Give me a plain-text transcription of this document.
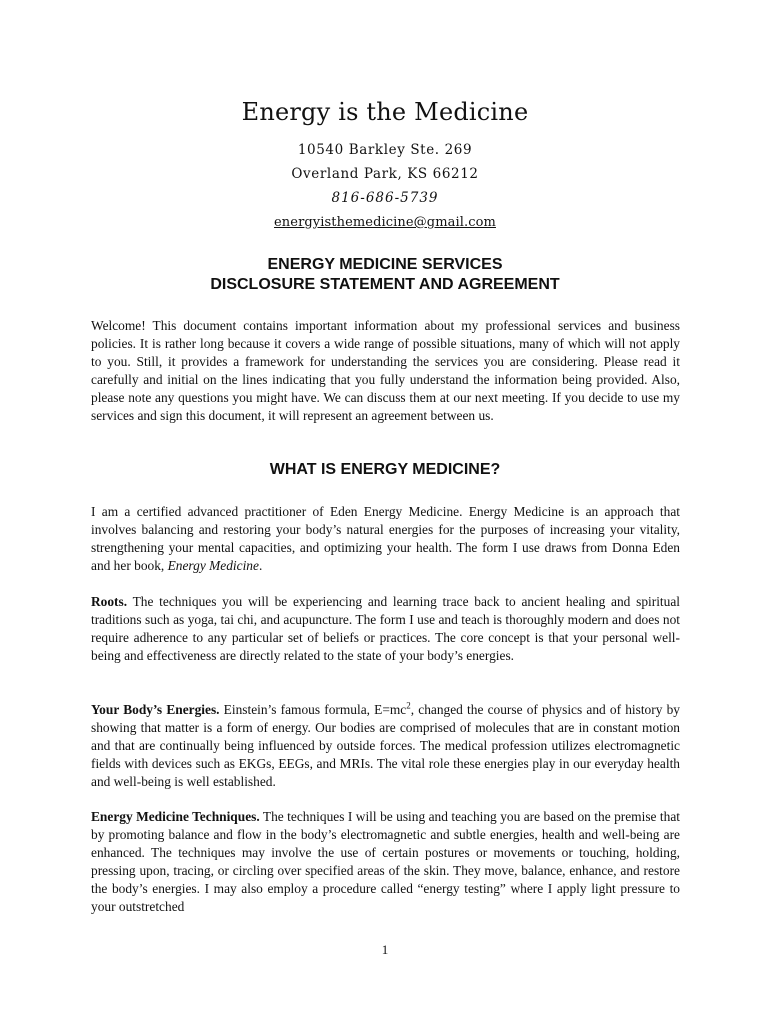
Energy is the Medicine
10540 Barkley Ste. 269
Overland Park, KS 66212
816-686-5739
energyisthemedicine@gmail.com
ENERGY MEDICINE SERVICES
DISCLOSURE STATEMENT AND AGREEMENT

Welcome! This document contains important information about my professional services and business policies. It is rather long because it covers a wide range of possible situations, many of which will not apply to you. Still, it provides a framework for understanding the services you are considering. Please read it carefully and initial on the lines indicating that you fully understand the information being provided. Also, please note any questions you might have. We can discuss them at our next meeting. If you decide to use my services and sign this document, it will represent an agreement between us.

WHAT IS ENERGY MEDICINE?

I am a certified advanced practitioner of Eden Energy Medicine. Energy Medicine is an approach that involves balancing and restoring your body’s natural energies for the purposes of increasing your vitality, strengthening your mental capacities, and optimizing your health. The form I use draws from Donna Eden and her book, Energy Medicine.

Roots. The techniques you will be experiencing and learning trace back to ancient healing and spiritual traditions such as yoga, tai chi, and acupuncture. The form I use and teach is thoroughly modern and does not require adherence to any particular set of beliefs or practices. The core concept is that your personal well-being and effectiveness are directly related to the state of your body’s energies.

Your Body’s Energies. Einstein’s famous formula, $E=mc^2$, changed the course of physics and of history by showing that matter is a form of energy. Our bodies are comprised of molecules that are in constant motion and that are continually being influenced by outside forces. The medical profession utilizes electromagnetic fields with devices such as EKGs, EEGs, and MRIs. The vital role these energies play in our everyday health and well-being is well established.

Energy Medicine Techniques. The techniques I will be using and teaching you are based on the premise that by promoting balance and flow in the body’s electromagnetic and subtle energies, health and well-being are enhanced. The techniques may involve the use of certain postures or movements or touching, holding, pressing upon, tracing, or circling over specified areas of the skin. They move, balance, enhance, and restore the body’s energies. I may also employ a procedure called “energy testing” where I apply light pressure to your outstretched

1
